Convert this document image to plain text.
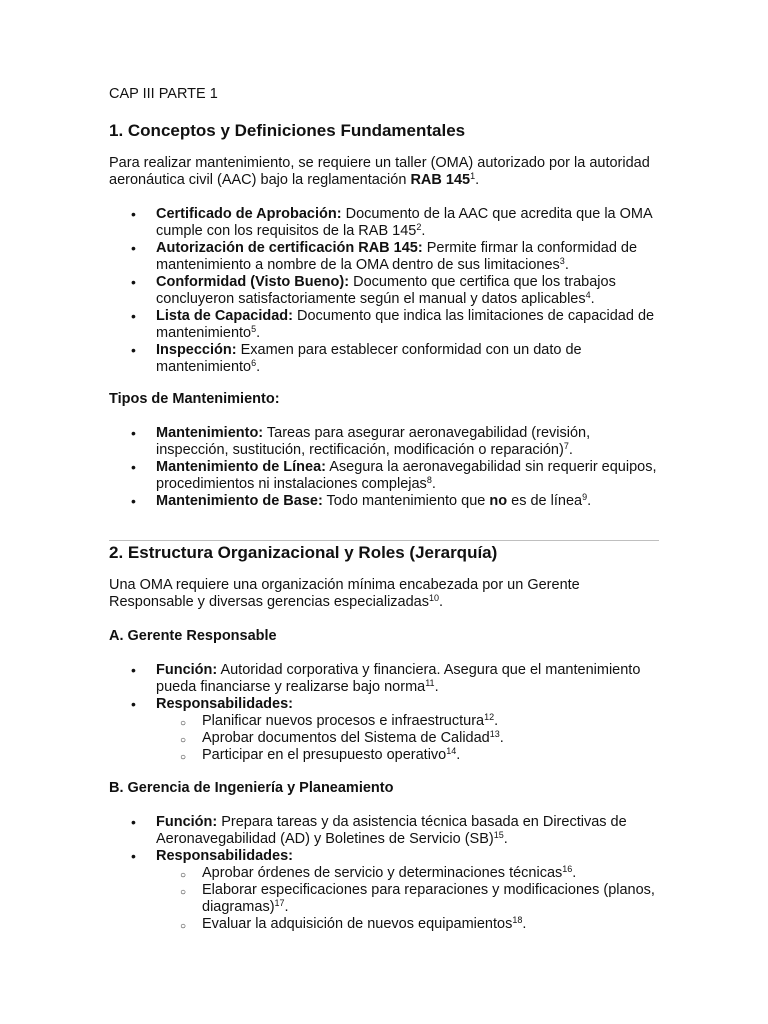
CAP III PARTE 1

1. Conceptos y Definiciones Fundamentales

Para realizar mantenimiento, se requiere un taller (OMA) autorizado por la autoridad aeronáutica civil (AAC) bajo la reglamentación RAB $145^1$.

• Certificado de Aprobación: Documento de la AAC que acredita que la OMA cumple con los requisitos de la RAB $145^2$.
• Autorización de certificación RAB 145: Permite firmar la conformidad de mantenimiento a nombre de la OMA dentro de sus limitaciones$^3$.
• Conformidad (Visto Bueno): Documento que certifica que los trabajos concluyeron satisfactoriamente según el manual y datos aplicables$^4$.
• Lista de Capacidad: Documento que indica las limitaciones de capacidad de mantenimiento$^5$.
• Inspección: Examen para establecer conformidad con un dato de mantenimiento$^6$.
Tipos de Mantenimiento:
• Mantenimiento: Tareas para asegurar aeronavegabilidad (revisión, inspección, sustitución, rectificación, modificación o reparación)$^7$.
• Mantenimiento de Línea: Asegura la aeronavegabilidad sin requerir equipos, procedimientos ni instalaciones complejas$^8$.
• Mantenimiento de Base: Todo mantenimiento que no es de línea$^9$.
2. Estructura Organizacional y Roles (Jerarquía)

Una OMA requiere una organización mínima encabezada por un Gerente Responsable y diversas gerencias especializadas$^{10}$.

A. Gerente Responsable
• Función: Autoridad corporativa y financiera. Asegura que el mantenimiento pueda financiarse y realizarse bajo norma$^{11}$.
• Responsabilidades:
○ Planificar nuevos procesos e infraestructura$^{12}$.
○ Aprobar documentos del Sistema de Calidad$^{13}$.
○ Participar en el presupuesto operativo$^{14}$.
B. Gerencia de Ingeniería y Planeamiento
• Función: Prepara tareas y da asistencia técnica basada en Directivas de Aeronavegabilidad (AD) y Boletines de Servicio (SB)$^{15}$.
• Responsabilidades:
○ Aprobar órdenes de servicio y determinaciones técnicas$^{16}$.
○ Elaborar especificaciones para reparaciones y modificaciones (planos, diagramas)$^{17}$.
○ Evaluar la adquisición de nuevos equipamientos$^{18}$.
